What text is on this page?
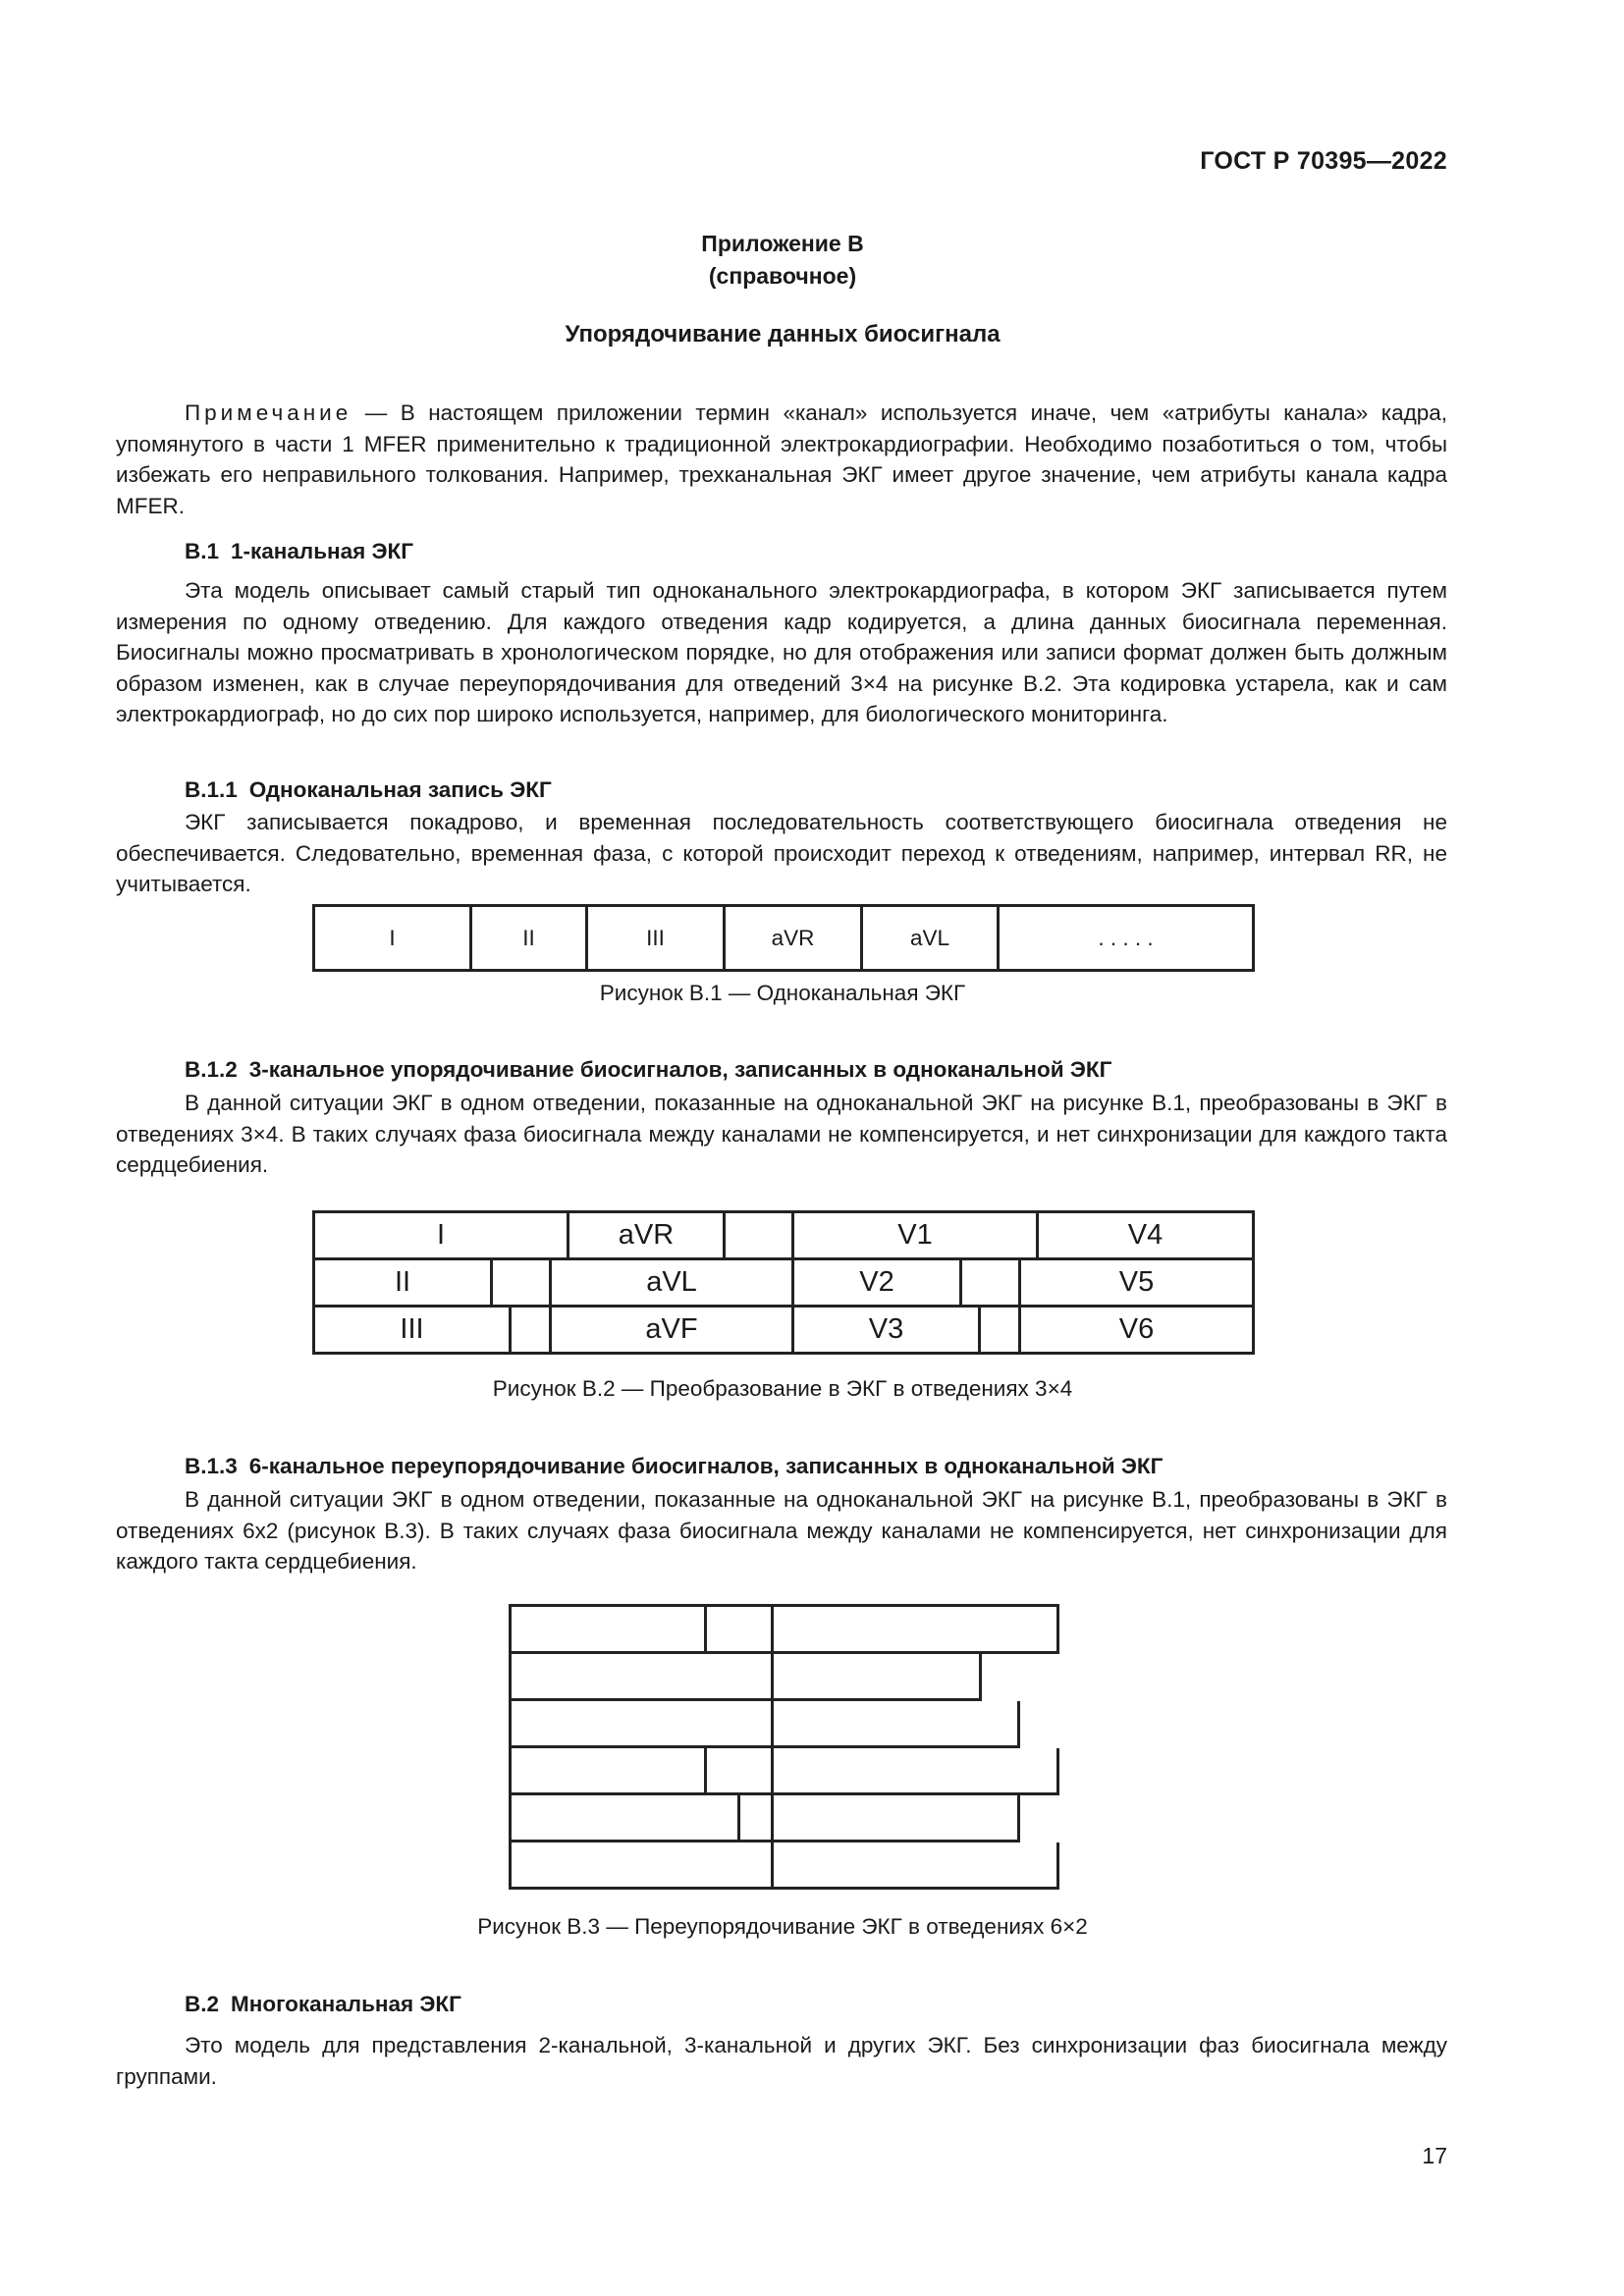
ГОСТ Р 70395—2022
Приложение В
(справочное)
Упорядочивание данных биосигнала

Примечание — В настоящем приложении термин «канал» используется иначе, чем «атрибуты канала» кадра, упомянутого в части 1 MFER применительно к традиционной электрокардиографии. Необходимо позаботиться о том, чтобы избежать его неправильного толкования. Например, трехканальная ЭКГ имеет другое значение, чем атрибуты канала кадра MFER.

В.1 1-канальная ЭКГ

Эта модель описывает самый старый тип одноканального электрокардиографа, в котором ЭКГ записывается путем измерения по одному отведению. Для каждого отведения кадр кодируется, а длина данных биосигнала переменная. Биосигналы можно просматривать в хронологическом порядке, но для отображения или записи формат должен быть должным образом изменен, как в случае переупорядочивания для отведений 3×4 на рисунке В.2. Эта кодировка устарела, как и сам электрокардиограф, но до сих пор широко используется, например, для биологического мониторинга.

В.1.1 Одноканальная запись ЭКГ

ЭКГ записывается покадрово, и временная последовательность соответствующего биосигнала отведения не обеспечивается. Следовательно, временная фаза, с которой происходит переход к отведениям, например, интервал RR, не учитывается.

I	II	III	aVR	aVL	. . . . .
Рисунок В.1 — Одноканальная ЭКГ
В.1.2 3-канальное упорядочивание биосигналов, записанных в одноканальной ЭКГ

В данной ситуации ЭКГ в одном отведении, показанные на одноканальной ЭКГ на рисунке В.1, преобразованы в ЭКГ в отведениях 3×4. В таких случаях фаза биосигнала между каналами не компенсируется, и нет синхронизации для каждого такта сердцебиения.

I	aVR	V1	V4
II	aVL	V2	V5
III	aVF	V3	V6
Рисунок В.2 — Преобразование в ЭКГ в отведениях 3×4
В.1.3 6-канальное переупорядочивание биосигналов, записанных в одноканальной ЭКГ

В данной ситуации ЭКГ в одном отведении, показанные на одноканальной ЭКГ на рисунке В.1, преобразованы в ЭКГ в отведениях 6х2 (рисунок В.3). В таких случаях фаза биосигнала между каналами не компенсируется, нет синхронизации для каждого такта сердцебиения.

Рисунок В.3 — Переупорядочивание ЭКГ в отведениях 6×2
В.2 Многоканальная ЭКГ

Это модель для представления 2-канальной, 3-канальной и других ЭКГ. Без синхронизации фаз биосигнала между группами.

17
